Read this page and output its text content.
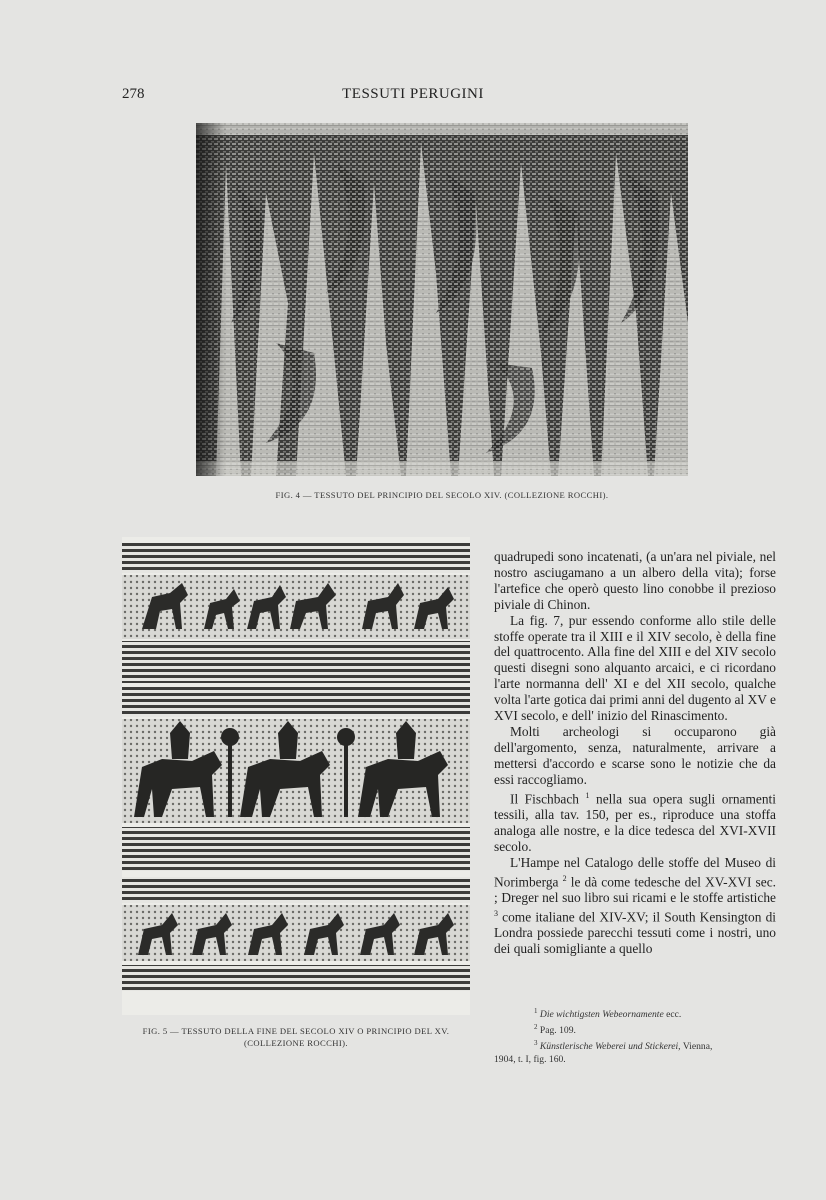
278	TESSUTI PERUGINI
FIG. 4 — TESSUTO DEL PRINCIPIO DEL SECOLO XIV. (COLLEZIONE ROCCHI).
FIG. 5 — TESSUTO DELLA FINE DEL SECOLO XIV O PRINCIPIO DEL XV.
(COLLEZIONE ROCCHI).

quadrupedi sono incatenati, (a un'ara nel piviale, nel nostro asciugamano a un albero della vita); forse l'artefice che operò questo lino conobbe il prezioso piviale di Chinon.

La fig. 7, pur essendo conforme allo stile delle stoffe operate tra il XIII e il XIV secolo, è della fine del quattrocento. Alla fine del XIII e del XIV secolo questi disegni sono alquanto arcaici, e ci ricordano l'arte normanna dell' XI e del XII secolo, qualche volta l'arte gotica dai primi anni del dugento al XV e XVI secolo, e dell' inizio del Rinascimento.

Molti archeologi si occuparono già dell'argomento, senza, naturalmente, arrivare a mettersi d'accordo e scarse sono le notizie che da essi raccogliamo.

Il Fischbach $^1$ nella sua opera sugli ornamenti tessili, alla tav. 150, per es., riproduce una stoffa analoga alle nostre, e la dice tedesca del XVI-XVII secolo.

L'Hampe nel Catalogo delle stoffe del Museo di Norimberga $^2$ le dà come tedesche del XV-XVI sec. ; Dreger nel suo libro sui ricami e le stoffe artistiche $^3$ come italiane del XIV-XV; il South Kensington di Londra possiede parecchi tessuti come i nostri, uno dei quali somigliante a quello

$^1$ Die wichtigsten Webeornamente ecc.

$^2$ Pag. 109.

$^3$ Künstlerische Weberei und Stickerei, Vienna,

1904, t. I, fig. 160.
